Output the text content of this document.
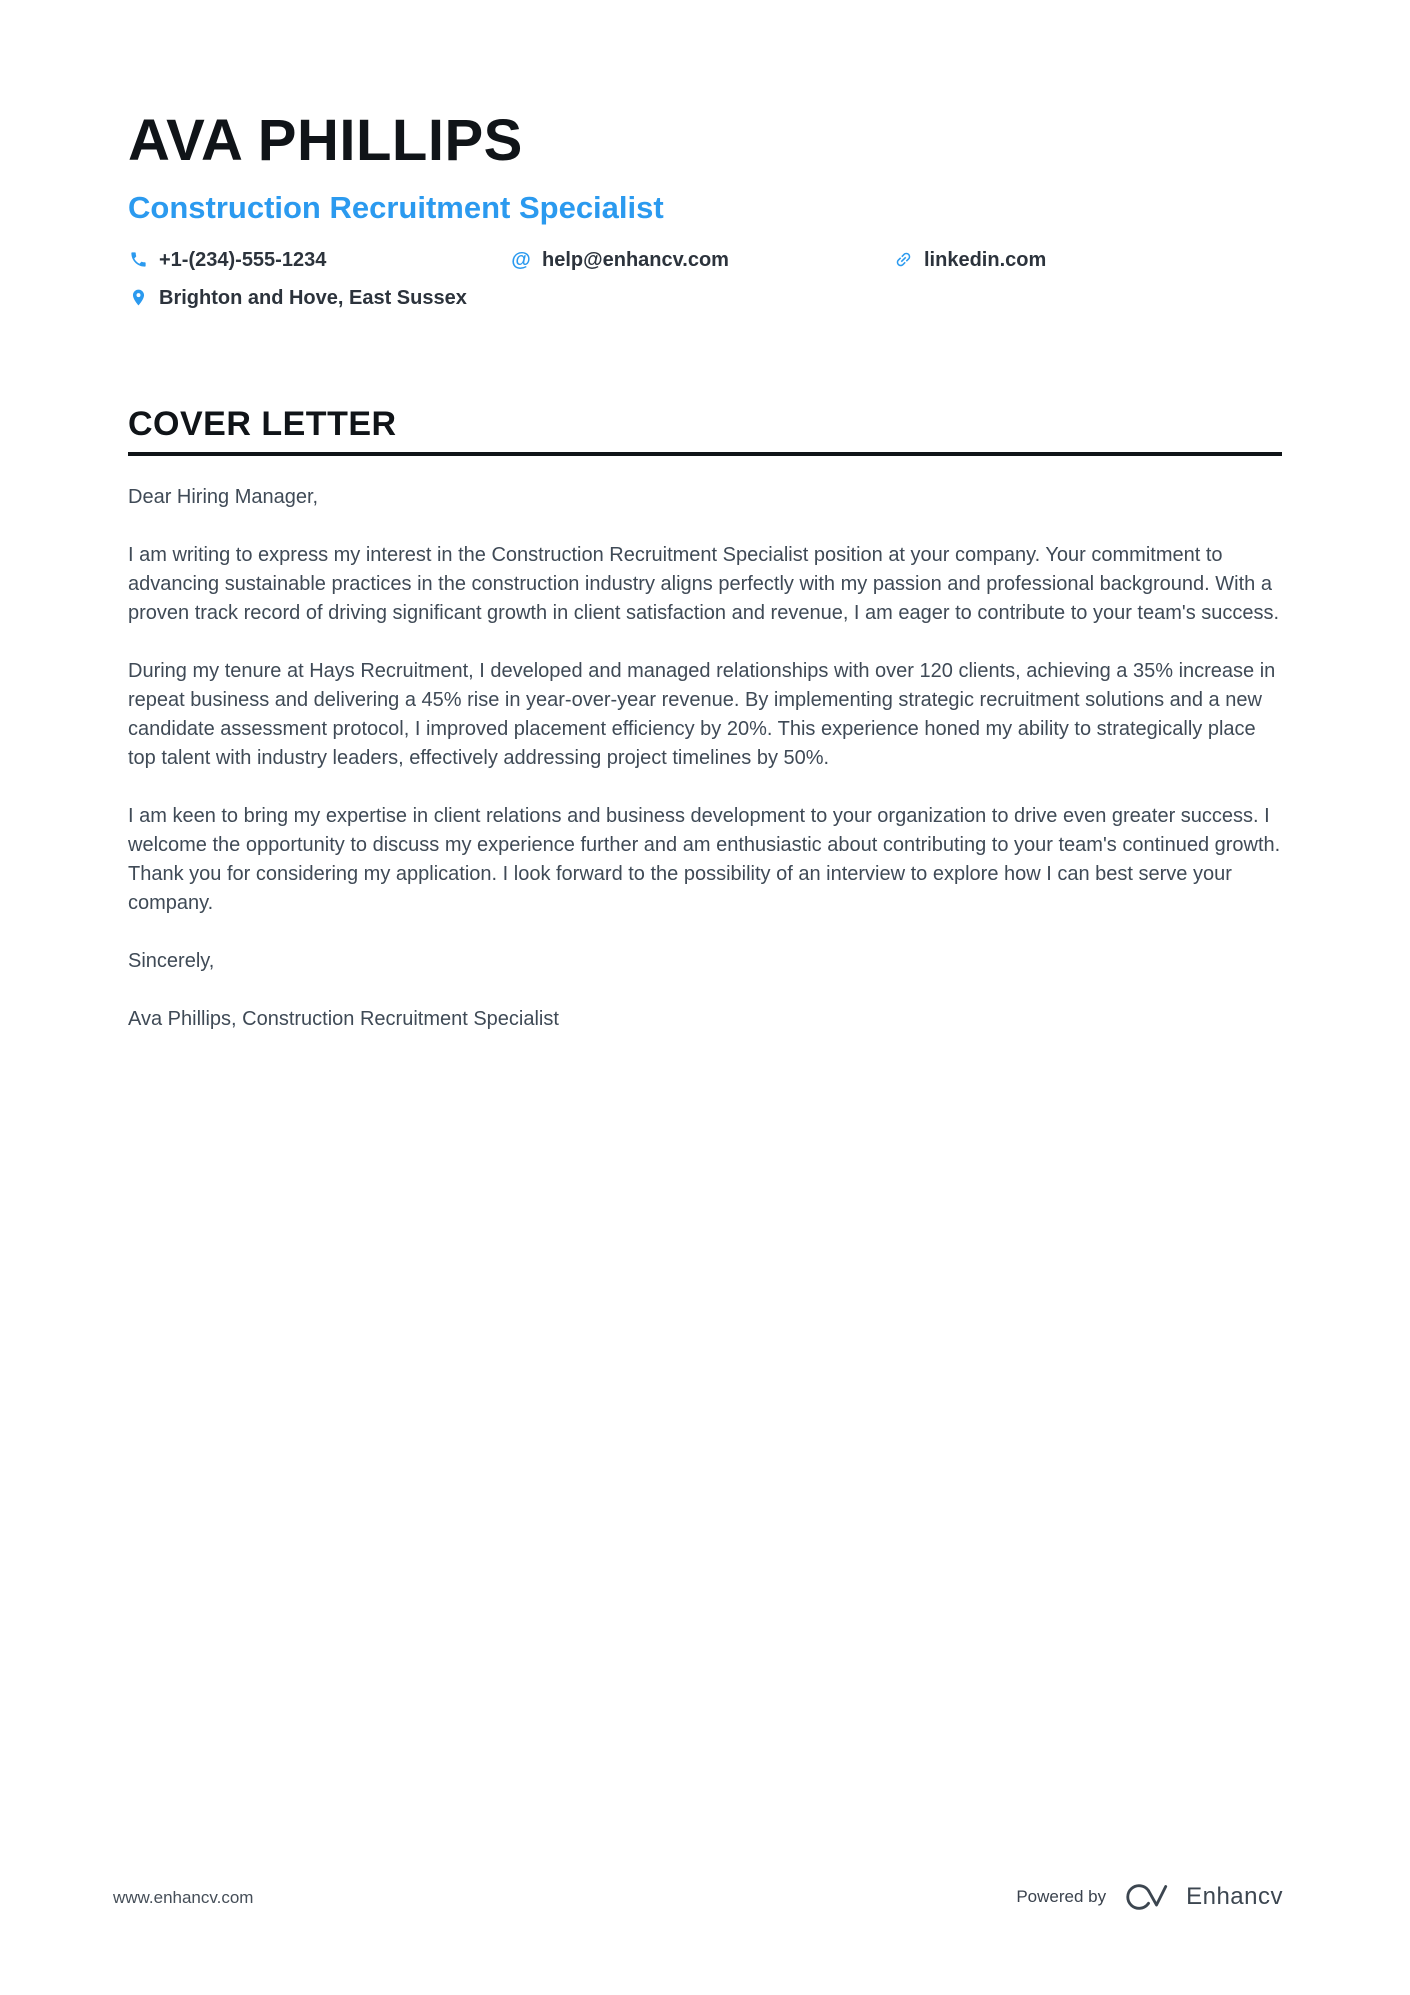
AVA PHILLIPS
Construction Recruitment Specialist
+1-(234)-555-1234	@ help@enhancv.com	linkedin.com
Brighton and Hove, East Sussex
COVER LETTER

Dear Hiring Manager,

I am writing to express my interest in the Construction Recruitment Specialist position at your company. Your commitment to advancing sustainable practices in the construction industry aligns perfectly with my passion and professional background. With a proven track record of driving significant growth in client satisfaction and revenue, I am eager to contribute to your team's success.

During my tenure at Hays Recruitment, I developed and managed relationships with over 120 clients, achieving a 35% increase in repeat business and delivering a 45% rise in year-over-year revenue. By implementing strategic recruitment solutions and a new candidate assessment protocol, I improved placement efficiency by 20%. This experience honed my ability to strategically place top talent with industry leaders, effectively addressing project timelines by 50%.

I am keen to bring my expertise in client relations and business development to your organization to drive even greater success. I welcome the opportunity to discuss my experience further and am enthusiastic about contributing to your team's continued growth. Thank you for considering my application. I look forward to the possibility of an interview to explore how I can best serve your company.

Sincerely,

Ava Phillips, Construction Recruitment Specialist

www.enhancv.com	Powered by	Enhancv
